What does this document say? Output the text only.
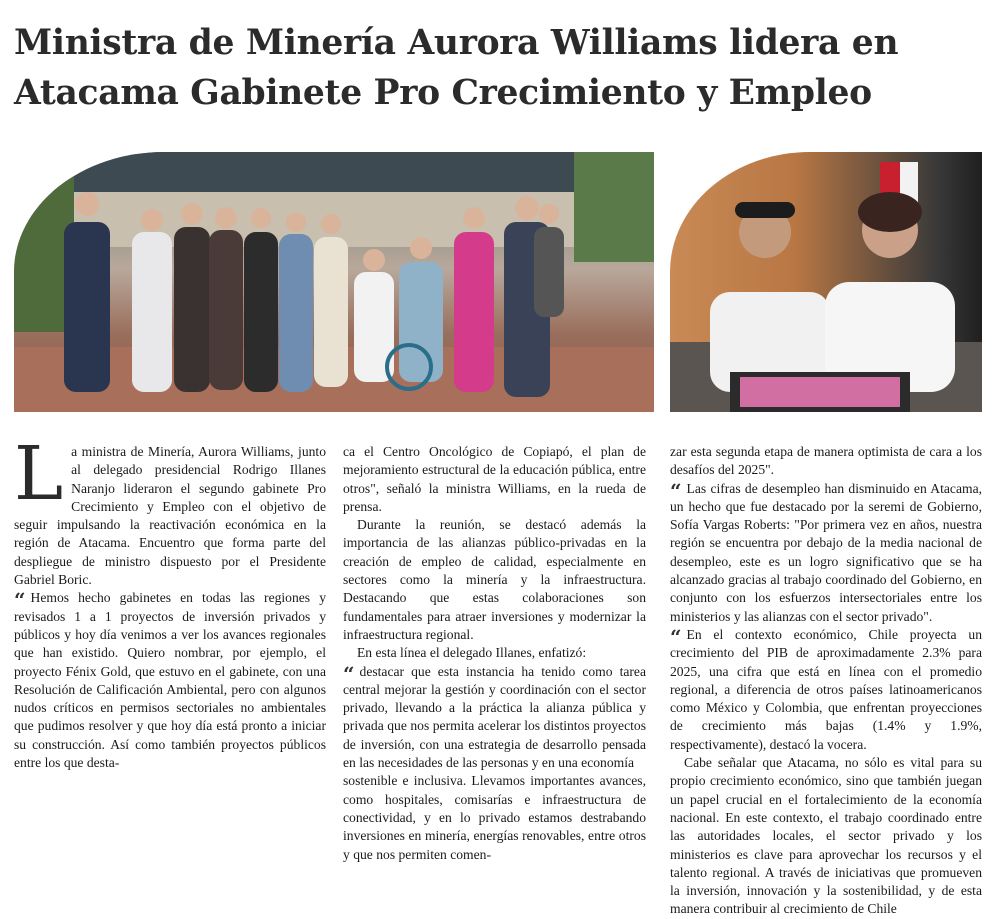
Ministra de Minería Aurora Williams lidera en Atacama Gabinete Pro Crecimiento y Empleo
L a ministra de Minería, Aurora Williams, junto al delegado presidencial Rodrigo Illanes Naranjo lideraron el segundo gabinete Pro Crecimiento y Empleo con el objetivo de seguir impulsando la reactivación económica en la región de Atacama. Encuentro que forma parte del despliegue de ministro dispuesto por el Presidente Gabriel Boric.

“ Hemos hecho gabinetes en todas las regiones y revisados 1 a 1 proyectos de inversión privados y públicos y hoy día venimos a ver los avances regionales que han existido. Quiero nombrar, por ejemplo, el proyecto Fénix Gold, que estuvo en el gabinete, con una Resolución de Calificación Ambiental, pero con algunos nudos críticos en permisos sectoriales no ambientales que pudimos resolver y que hoy día está pronto a iniciar su construcción. Así como también proyectos públicos entre los que desta-

ca el Centro Oncológico de Copiapó, el plan de mejoramiento estructural de la educación pública, entre otros", señaló la ministra Williams, en la rueda de prensa.

Durante la reunión, se destacó además la importancia de las alianzas público-privadas en la creación de empleo de calidad, especialmente en sectores como la minería y la infraestructura. Destacando que estas colaboraciones son fundamentales para atraer inversiones y modernizar la infraestructura regional.

En esta línea el delegado Illanes, enfatizó:

“ destacar que esta instancia ha tenido como tarea central mejorar la gestión y coordinación con el sector privado, llevando a la práctica la alianza pública y privada que nos permita acelerar los distintos proyectos de inversión, con una estrategia de desarrollo pensada en las necesidades de las personas y en una economía

sostenible e inclusiva. Llevamos importantes avances, como hospitales, comisarías e infraestructura de conectividad, y en lo privado estamos destrabando inversiones en minería, energías renovables, entre otros y que nos permiten comen-

zar esta segunda etapa de manera optimista de cara a los desafíos del 2025".

“ Las cifras de desempleo han disminuido en Atacama, un hecho que fue destacado por la seremi de Gobierno, Sofía Vargas Roberts: "Por primera vez en años, nuestra región se encuentra por debajo de la media nacional de desempleo, este es un logro significativo que se ha alcanzado gracias al trabajo coordinado del Gobierno, en conjunto con los esfuerzos intersectoriales entre los ministerios y las alianzas con el sector privado".

“ En el contexto económico, Chile proyecta un crecimiento del PIB de aproximadamente 2.3% para 2025, una cifra que está en línea con el promedio regional, a diferencia de otros países latinoamericanos como México y Colombia, que enfrentan proyecciones de crecimiento más bajas (1.4% y 1.9%, respectivamente), destacó la vocera.

Cabe señalar que Atacama, no sólo es vital para su propio crecimiento económico, sino que también juegan un papel crucial en el fortalecimiento de la economía nacional. En este contexto, el trabajo coordinado entre las autoridades locales, el sector privado y los ministerios es clave para aprovechar los recursos y el talento regional. A través de iniciativas que promueven la inversión, innovación y la sostenibilidad, y de esta manera contribuir al crecimiento de Chile
